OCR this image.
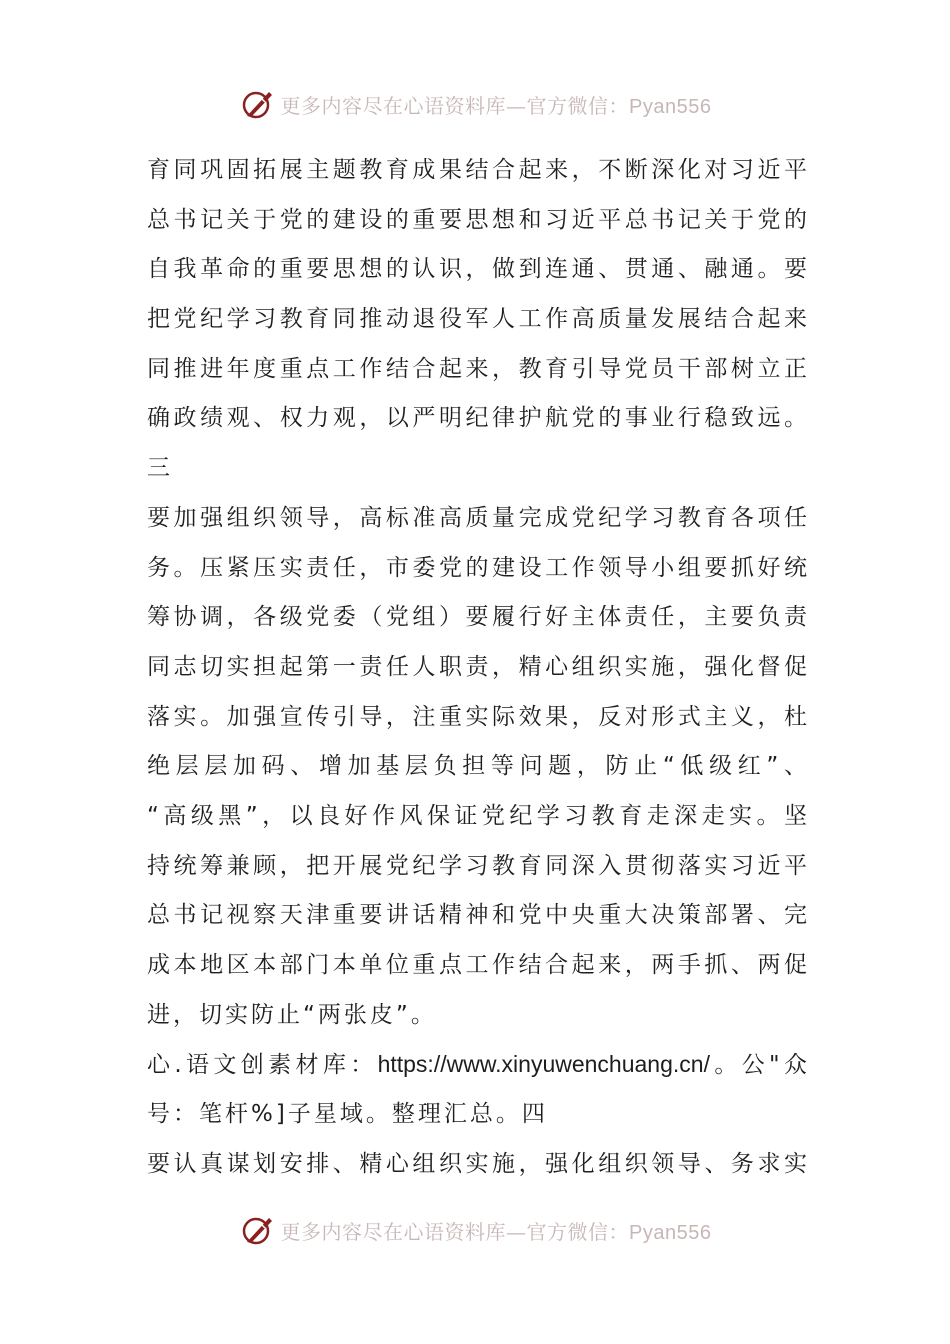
更多内容尽在心语资料库—官方微信：Pyan556
育同巩固拓展主题教育成果结合起来，不断深化对习近平
总书记关于党的建设的重要思想和习近平总书记关于党的
自我革命的重要思想的认识，做到连通、贯通、融通。要
把党纪学习教育同推动退役军人工作高质量发展结合起来
同推进年度重点工作结合起来，教育引导党员干部树立正
确政绩观、权力观，以严明纪律护航党的事业行稳致远。
三
要加强组织领导，高标准高质量完成党纪学习教育各项任
务。压紧压实责任，市委党的建设工作领导小组要抓好统
筹协调，各级党委（党组）要履行好主体责任，主要负责
同志切实担起第一责任人职责，精心组织实施，强化督促
落实。加强宣传引导，注重实际效果，反对形式主义，杜
绝层层加码、增加基层负担等问题，防止“低级红”、
“高级黑”，以良好作风保证党纪学习教育走深走实。坚
持统筹兼顾，把开展党纪学习教育同深入贯彻落实习近平
总书记视察天津重要讲话精神和党中央重大决策部署、完
成本地区本部门本单位重点工作结合起来，两手抓、两促
进，切实防止“两张皮”。
心.语文创素材库：https://www.xinyuwenchuang.cn/。公"众
号：笔杆%]子星域。整理汇总。四
要认真谋划安排、精心组织实施，强化组织领导、务求实
更多内容尽在心语资料库—官方微信：Pyan556
